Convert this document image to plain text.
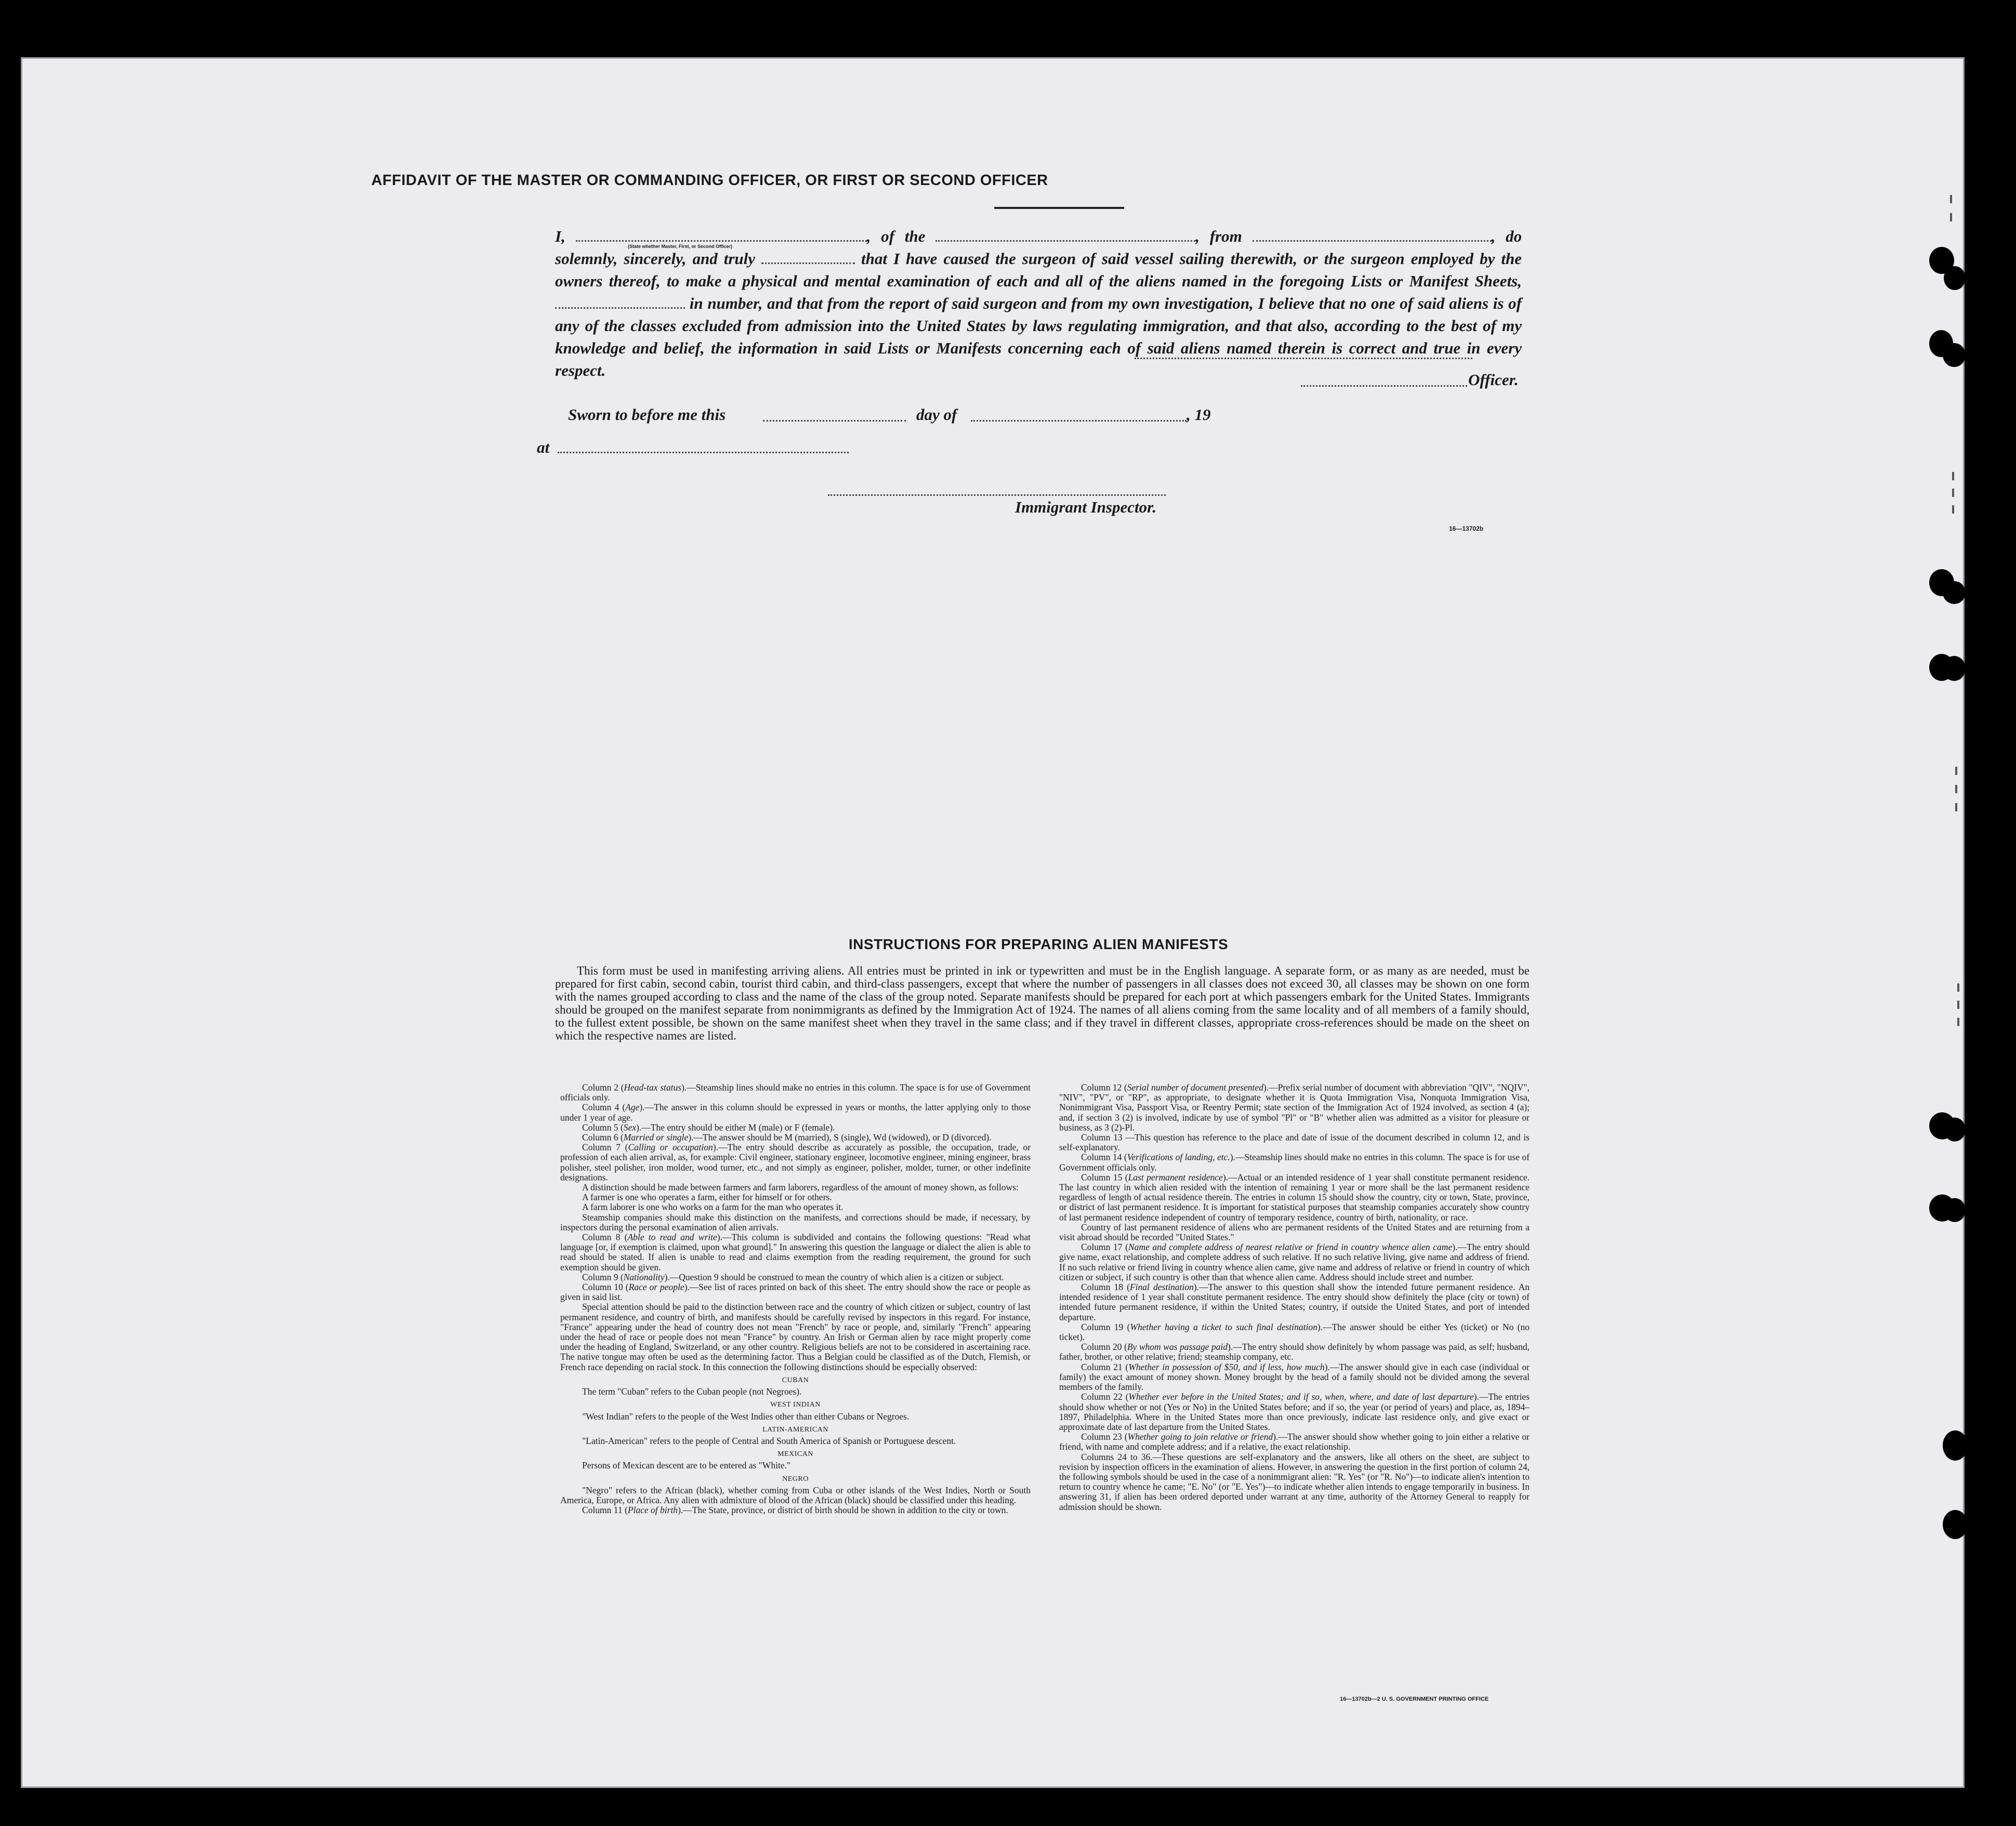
AFFIDAVIT OF THE MASTER OR COMMANDING OFFICER, OR FIRST OR SECOND OFFICER
(State whether Master, First, or Second Officer)
I,	, of the	, from	, do solemnly, sincerely, and truly	that I have caused the surgeon of said vessel sailing therewith, or the surgeon employed by the owners thereof, to make a physical and mental examination of each and all of the aliens named in the foregoing Lists or Manifest Sheets,  in number, and that from the report of said surgeon and from my own investigation, I believe that no one of said aliens is of any of the classes excluded from admission into the United States by laws regulating immigration, and that also, according to the best of my knowledge and belief, the information in said Lists or Manifests concerning each of said aliens named therein is correct and true in every respect.
Officer.
Sworn to before me this	day of	, 19
at
Immigrant Inspector.
16—13702b
INSTRUCTIONS FOR PREPARING ALIEN MANIFESTS
This form must be used in manifesting arriving aliens. All entries must be printed in ink or typewritten and must be in the English language. A separate form, or as many as are needed, must be prepared for first cabin, second cabin, tourist third cabin, and third-class passengers, except that where the number of passengers in all classes does not exceed 30, all classes may be shown on one form with the names grouped according to class and the name of the class of the group noted. Separate manifests should be prepared for each port at which passengers embark for the United States. Immigrants should be grouped on the manifest separate from nonimmigrants as defined by the Immigration Act of 1924. The names of all aliens coming from the same locality and of all members of a family should, to the fullest extent possible, be shown on the same manifest sheet when they travel in the same class; and if they travel in different classes, appropriate cross-references should be made on the sheet on which the respective names are listed.

Column 2 (Head-tax status).—Steamship lines should make no entries in this column. The space is for use of Government officials only.

Column 4 (Age).—The answer in this column should be expressed in years or months, the latter applying only to those under 1 year of age.

Column 5 (Sex).—The entry should be either M (male) or F (female).

Column 6 (Married or single).—The answer should be M (married), S (single), Wd (widowed), or D (divorced).

Column 7 (Calling or occupation).—The entry should describe as accurately as possible, the occupation, trade, or profession of each alien arrival, as, for example: Civil engineer, stationary engineer, locomotive engineer, mining engineer, brass polisher, steel polisher, iron molder, wood turner, etc., and not simply as engineer, polisher, molder, turner, or other indefinite designations.

A distinction should be made between farmers and farm laborers, regardless of the amount of money shown, as follows:

A farmer is one who operates a farm, either for himself or for others.

A farm laborer is one who works on a farm for the man who operates it.

Steamship companies should make this distinction on the manifests, and corrections should be made, if necessary, by inspectors during the personal examination of alien arrivals.

Column 8 (Able to read and write).—This column is subdivided and contains the following questions: "Read what language [or, if exemption is claimed, upon what ground]." In answering this question the language or dialect the alien is able to read should be stated. If alien is unable to read and claims exemption from the reading requirement, the ground for such exemption should be given.

Column 9 (Nationality).—Question 9 should be construed to mean the country of which alien is a citizen or subject.

Column 10 (Race or people).—See list of races printed on back of this sheet. The entry should show the race or people as given in said list.

Special attention should be paid to the distinction between race and the country of which citizen or subject, country of last permanent residence, and country of birth, and manifests should be carefully revised by inspectors in this regard. For instance, "France" appearing under the head of country does not mean "French" by race or people, and, similarly "French" appearing under the head of race or people does not mean "France" by country. An Irish or German alien by race might properly come under the heading of England, Switzerland, or any other country. Religious beliefs are not to be considered in ascertaining race. The native tongue may often be used as the determining factor. Thus a Belgian could be classified as of the Dutch, Flemish, or French race depending on racial stock. In this connection the following distinctions should be especially observed:

CUBAN

The term "Cuban" refers to the Cuban people (not Negroes).

WEST INDIAN

"West Indian" refers to the people of the West Indies other than either Cubans or Negroes.

LATIN-AMERICAN

"Latin-American" refers to the people of Central and South America of Spanish or Portuguese descent.

MEXICAN

Persons of Mexican descent are to be entered as "White."

NEGRO

"Negro" refers to the African (black), whether coming from Cuba or other islands of the West Indies, North or South America, Europe, or Africa. Any alien with admixture of blood of the African (black) should be classified under this heading.

Column 11 (Place of birth).—The State, province, or district of birth should be shown in addition to the city or town.

Column 12 (Serial number of document presented).—Prefix serial number of document with abbreviation "QIV", "NQIV", "NIV", "PV", or "RP", as appropriate, to designate whether it is Quota Immigration Visa, Nonquota Immigration Visa, Nonimmigrant Visa, Passport Visa, or Reentry Permit; state section of the Immigration Act of 1924 involved, as section 4 (a); and, if section 3 (2) is involved, indicate by use of symbol "Pl" or "B" whether alien was admitted as a visitor for pleasure or business, as 3 (2)-Pl.

Column 13 —This question has reference to the place and date of issue of the document described in column 12, and is self-explanatory.

Column 14 (Verifications of landing, etc.).—Steamship lines should make no entries in this column. The space is for use of Government officials only.

Column 15 (Last permanent residence).—Actual or an intended residence of 1 year shall constitute permanent residence. The last country in which alien resided with the intention of remaining 1 year or more shall be the last permanent residence regardless of length of actual residence therein. The entries in column 15 should show the country, city or town, State, province, or district of last permanent residence. It is important for statistical purposes that steamship companies accurately show country of last permanent residence independent of country of temporary residence, country of birth, nationality, or race.

Country of last permanent residence of aliens who are permanent residents of the United States and are returning from a visit abroad should be recorded "United States."

Column 17 (Name and complete address of nearest relative or friend in country whence alien came).—The entry should give name, exact relationship, and complete address of such relative. If no such relative living, give name and address of friend. If no such relative or friend living in country whence alien came, give name and address of relative or friend in country of which citizen or subject, if such country is other than that whence alien came. Address should include street and number.

Column 18 (Final destination).—The answer to this question shall show the intended future permanent residence. An intended residence of 1 year shall constitute permanent residence. The entry should show definitely the place (city or town) of intended future permanent residence, if within the United States; country, if outside the United States, and port of intended departure.

Column 19 (Whether having a ticket to such final destination).—The answer should be either Yes (ticket) or No (no ticket).

Column 20 (By whom was passage paid).—The entry should show definitely by whom passage was paid, as self; husband, father, brother, or other relative; friend; steamship company, etc.

Column 21 (Whether in possession of $50, and if less, how much).—The answer should give in each case (individual or family) the exact amount of money shown. Money brought by the head of a family should not be divided among the several members of the family.

Column 22 (Whether ever before in the United States; and if so, when, where, and date of last departure).—The entries should show whether or not (Yes or No) in the United States before; and if so, the year (or period of years) and place, as, 1894–1897, Philadelphia. Where in the United States more than once previously, indicate last residence only, and give exact or approximate date of last departure from the United States.

Column 23 (Whether going to join relative or friend).—The answer should show whether going to join either a relative or friend, with name and complete address; and if a relative, the exact relationship.

Columns 24 to 36.—These questions are self-explanatory and the answers, like all others on the sheet, are subject to revision by inspection officers in the examination of aliens. However, in answering the question in the first portion of column 24, the following symbols should be used in the case of a nonimmigrant alien: "R. Yes" (or "R. No")—to indicate alien's intention to return to country whence he came; "E. No" (or "E. Yes")—to indicate whether alien intends to engage temporarily in business. In answering 31, if alien has been ordered deported under warrant at any time, authority of the Attorney General to reapply for admission should be shown.

16—13702b—2 U. S. GOVERNMENT PRINTING OFFICE
